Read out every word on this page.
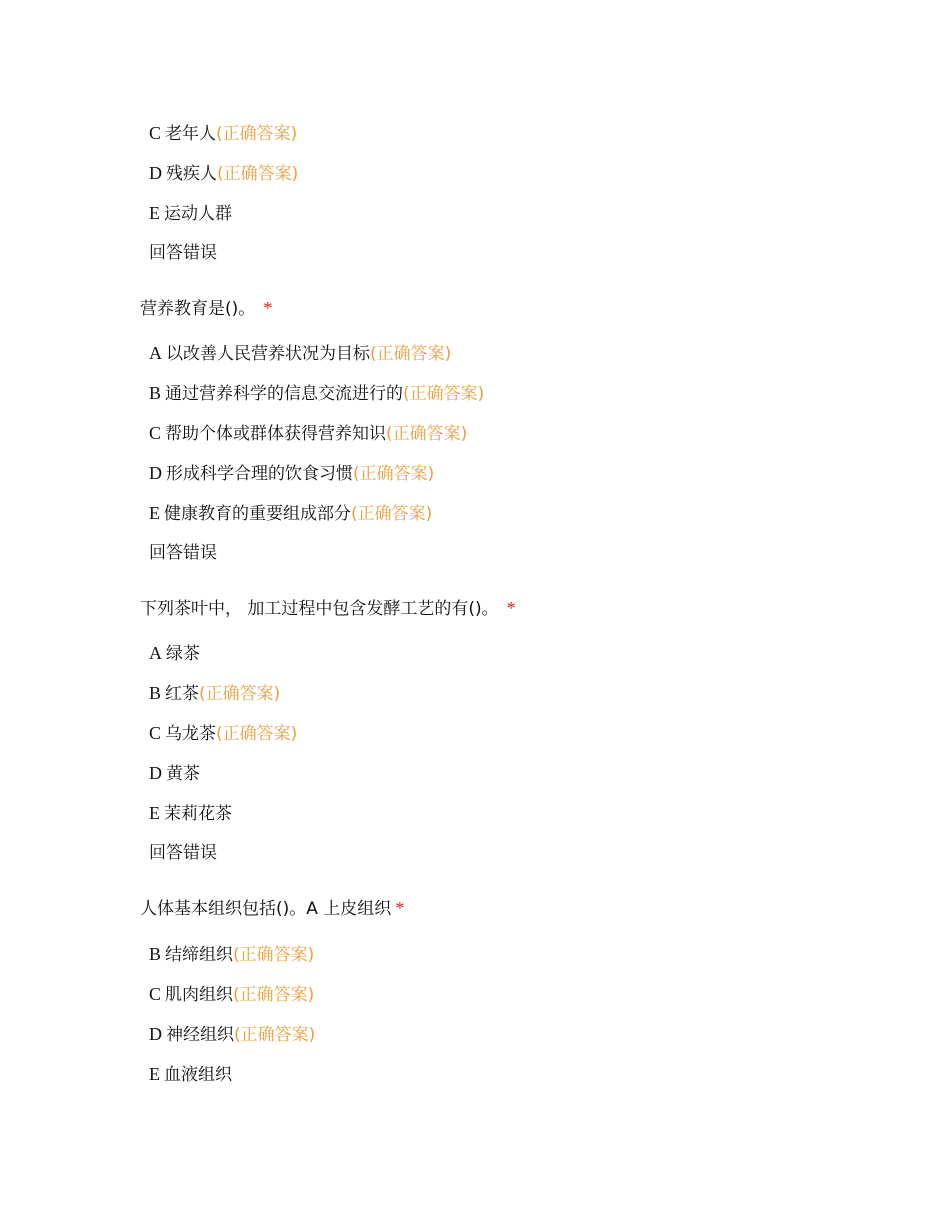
C 老年人(正确答案)
D 残疾人(正确答案)
E 运动人群
回答错误
营养教育是()。 *
A 以改善人民营养状况为目标(正确答案)
B 通过营养科学的信息交流进行的(正确答案)
C 帮助个体或群体获得营养知识(正确答案)
D 形成科学合理的饮食习惯(正确答案)
E 健康教育的重要组成部分(正确答案)
回答错误
下列茶叶中， 加工过程中包含发酵工艺的有()。 *
A 绿茶
B 红茶(正确答案)
C 乌龙茶(正确答案)
D 黄茶
E 茉莉花茶
回答错误
人体基本组织包括()。A 上皮组织 *
B 结缔组织(正确答案)
C 肌肉组织(正确答案)
D 神经组织(正确答案)
E 血液组织
